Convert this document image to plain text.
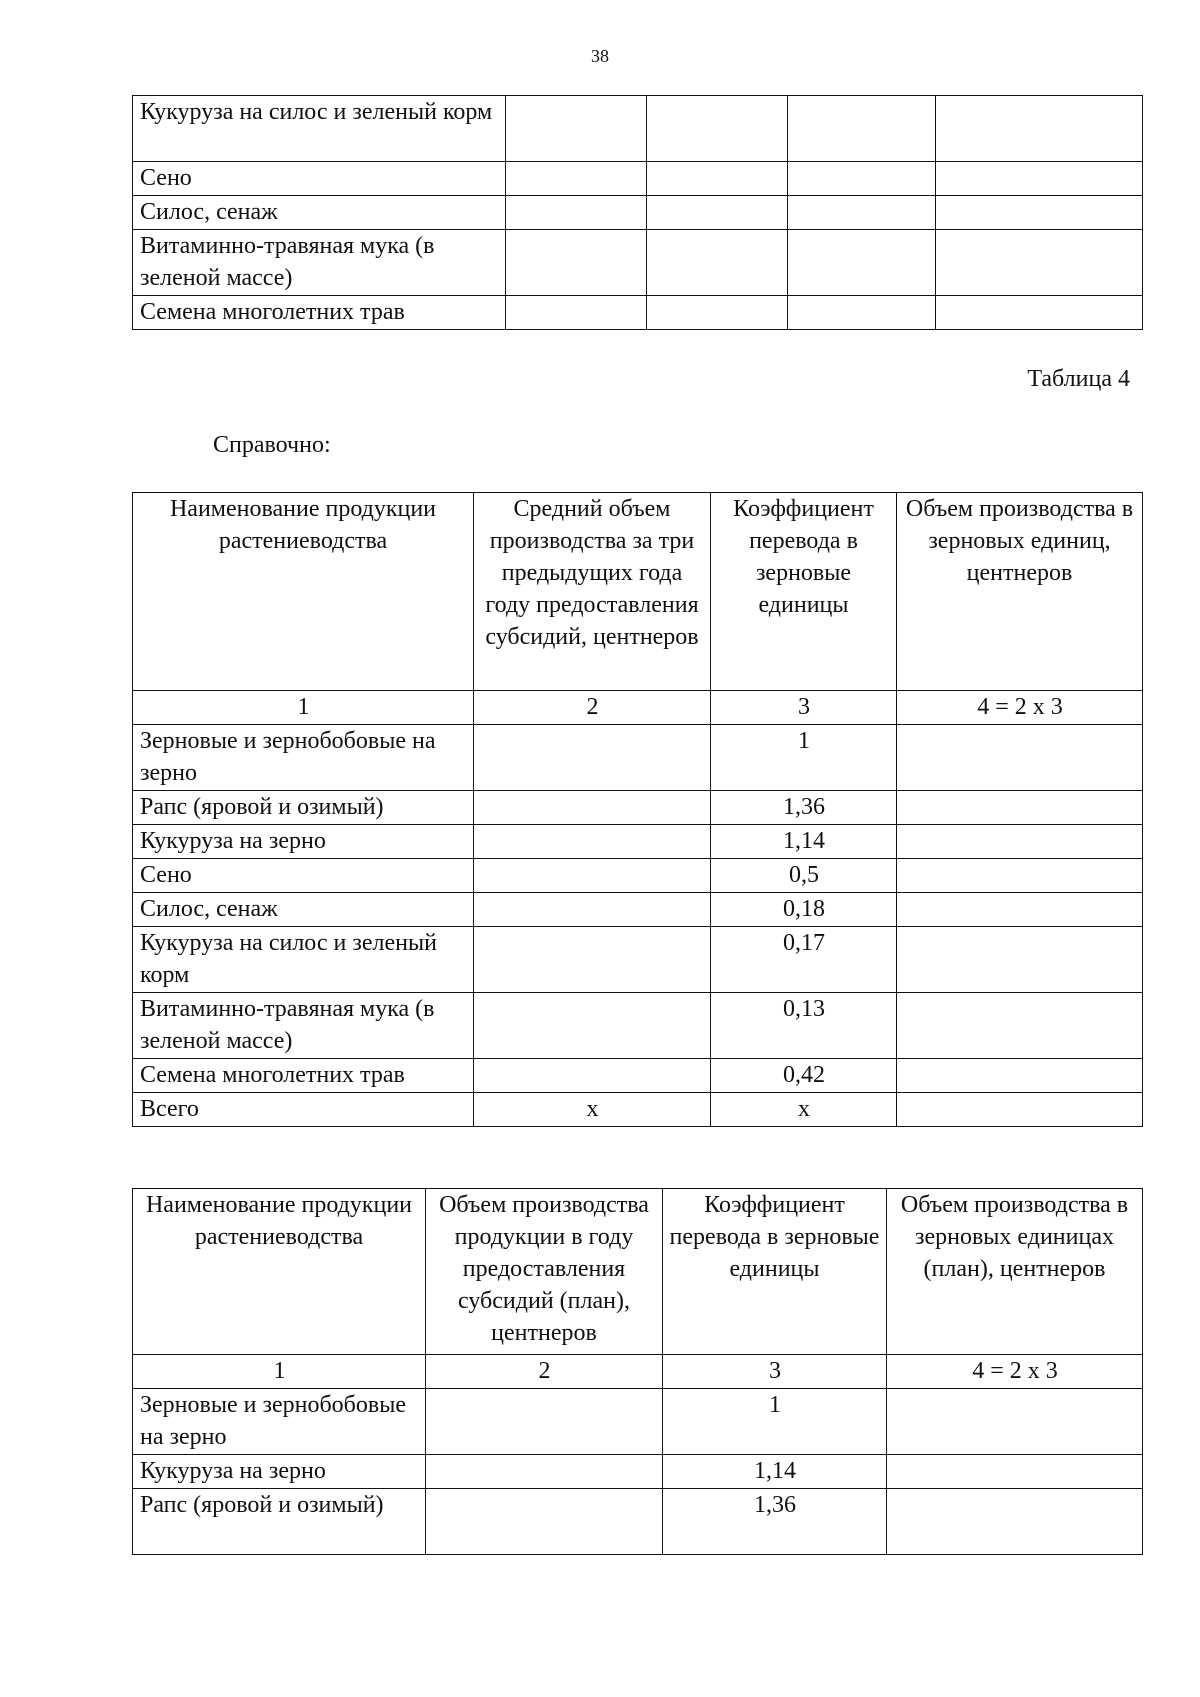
38
Кукуруза на силос и зеленый корм				
Сено				
Силос, сенаж				
Витаминно-травяная мука (в зеленой массе)				
Семена многолетних трав				
Таблица 4
Справочно:
Наименование продукции растениеводства	Средний объем производства за три предыдущих года году предоставления субсидий, центнеров	Коэффициент перевода в зерновые единицы	Объем производства в зерновых единиц, центнеров
1	2	3	4 = 2 x 3
Зерновые и зернобобовые на зерно		1	
Рапс (яровой и озимый)		1,36	
Кукуруза на зерно		1,14	
Сено		0,5	
Силос, сенаж		0,18	
Кукуруза на силос и зеленый корм		0,17	
Витаминно-травяная мука (в зеленой массе)		0,13	
Семена многолетних трав		0,42	
Всего	х	х	
Наименование продукции растениеводства	Объем производства продукции в году предоставления субсидий (план), центнеров	Коэффициент перевода в зерновые единицы	Объем производства в зерновых единицах (план), центнеров
1	2	3	4 = 2 x 3
Зерновые и зернобобовые на зерно		1	
Кукуруза на зерно		1,14	
Рапс (яровой и озимый)		1,36	
